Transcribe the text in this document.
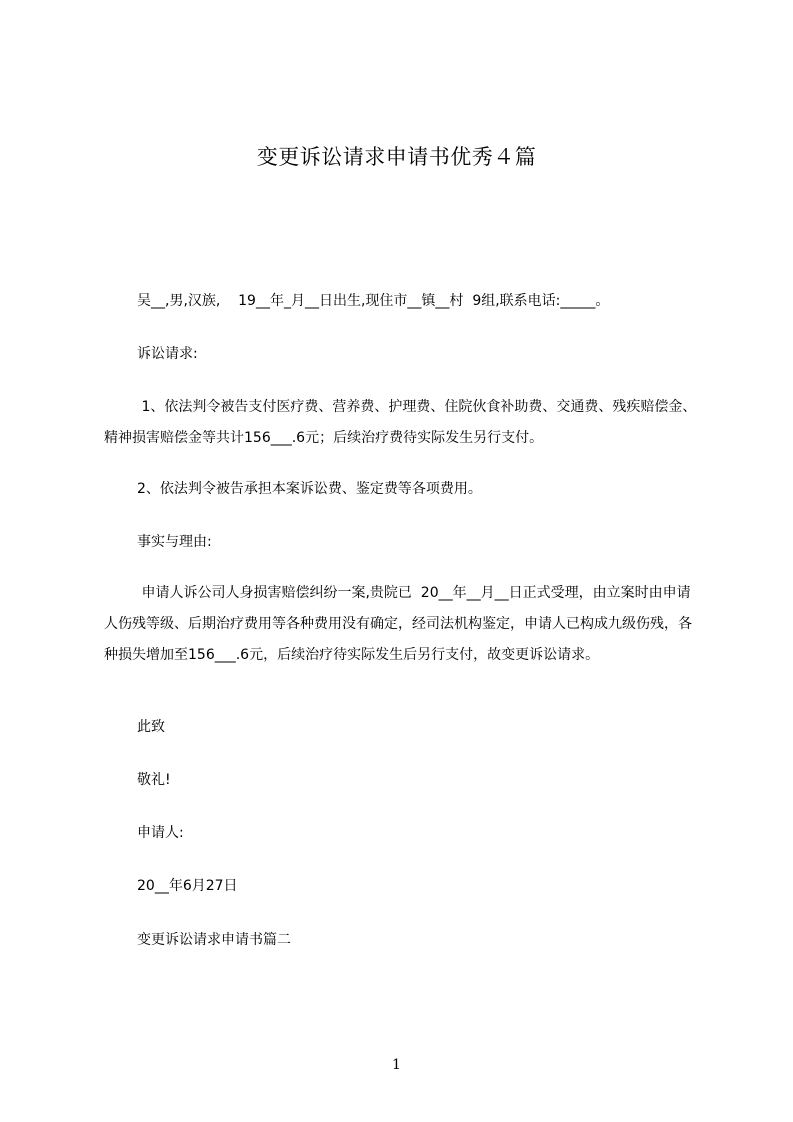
变更诉讼请求申请书优秀４篇
吴__,男,汉族,    19__年_月__日出生,现住市__镇__村  9组,联系电话:_____。
诉讼请求:
1、依法判令被告支付医疗费、营养费、护理费、住院伙食补助费、交通费、残疾赔偿金、精神损害赔偿金等共计156___.6元；后续治疗费待实际发生另行支付。
2、依法判令被告承担本案诉讼费、鉴定费等各项费用。
事实与理由:
申请人诉公司人身损害赔偿纠纷一案,贵院已  20__年__月__日正式受理，由立案时由申请人伤残等级、后期治疗费用等各种费用没有确定，经司法机构鉴定，申请人已构成九级伤残，各种损失增加至156___.6元，后续治疗待实际发生后另行支付，故变更诉讼请求。
此致
敬礼!
申请人:
20__年6月27日
变更诉讼请求申请书篇二
1
